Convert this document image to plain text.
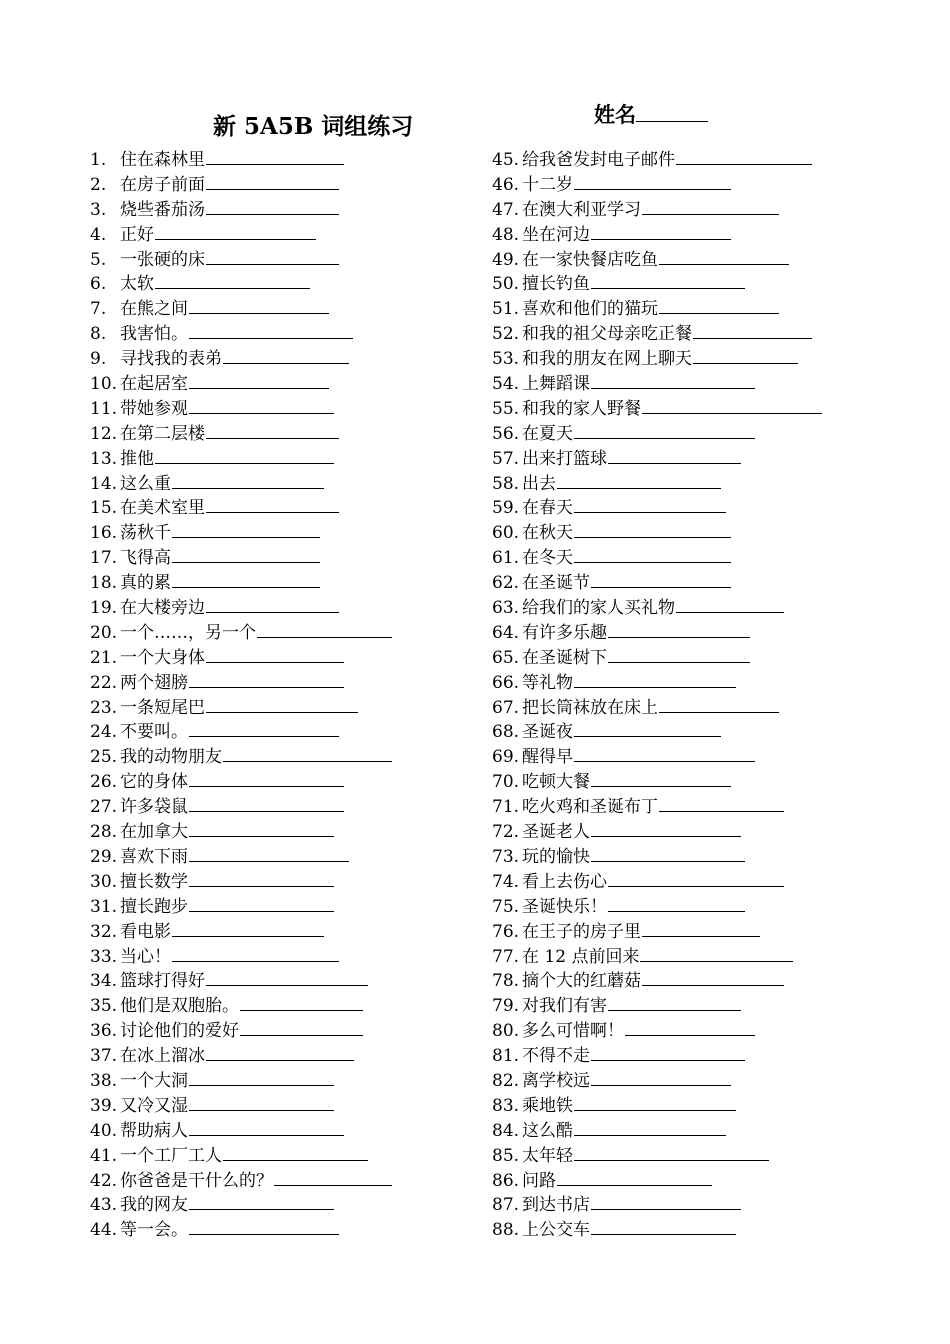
新 5A5B 词组练习	姓名
1. 住在森林里
2. 在房子前面
3. 烧些番茄汤
4. 正好
5. 一张硬的床
6. 太软
7. 在熊之间
8. 我害怕。
9. 寻找我的表弟
10. 在起居室
11. 带她参观
12. 在第二层楼
13. 推他
14. 这么重
15. 在美术室里
16. 荡秋千
17. 飞得高
18. 真的累
19. 在大楼旁边
20. 一个……，另一个
21. 一个大身体
22. 两个翅膀
23. 一条短尾巴
24. 不要叫。
25. 我的动物朋友
26. 它的身体
27. 许多袋鼠
28. 在加拿大
29. 喜欢下雨
30. 擅长数学
31. 擅长跑步
32. 看电影
33. 当心！
34. 篮球打得好
35. 他们是双胞胎。
36. 讨论他们的爱好
37. 在冰上溜冰
38. 一个大洞
39. 又冷又湿
40. 帮助病人
41. 一个工厂工人
42. 你爸爸是干什么的？
43. 我的网友
44. 等一会。
45. 给我爸发封电子邮件
46. 十二岁
47. 在澳大利亚学习
48. 坐在河边
49. 在一家快餐店吃鱼
50. 擅长钓鱼
51. 喜欢和他们的猫玩
52. 和我的祖父母亲吃正餐
53. 和我的朋友在网上聊天
54. 上舞蹈课
55. 和我的家人野餐
56. 在夏天
57. 出来打篮球
58. 出去
59. 在春天
60. 在秋天
61. 在冬天
62. 在圣诞节
63. 给我们的家人买礼物
64. 有许多乐趣
65. 在圣诞树下
66. 等礼物
67. 把长筒袜放在床上
68. 圣诞夜
69. 醒得早
70. 吃顿大餐
71. 吃火鸡和圣诞布丁
72. 圣诞老人
73. 玩的愉快
74. 看上去伤心
75. 圣诞快乐！
76. 在王子的房子里
77. 在 12 点前回来
78. 摘个大的红蘑菇
79. 对我们有害
80. 多么可惜啊！
81. 不得不走
82. 离学校远
83. 乘地铁
84. 这么酷
85. 太年轻
86. 问路
87. 到达书店
88. 上公交车
